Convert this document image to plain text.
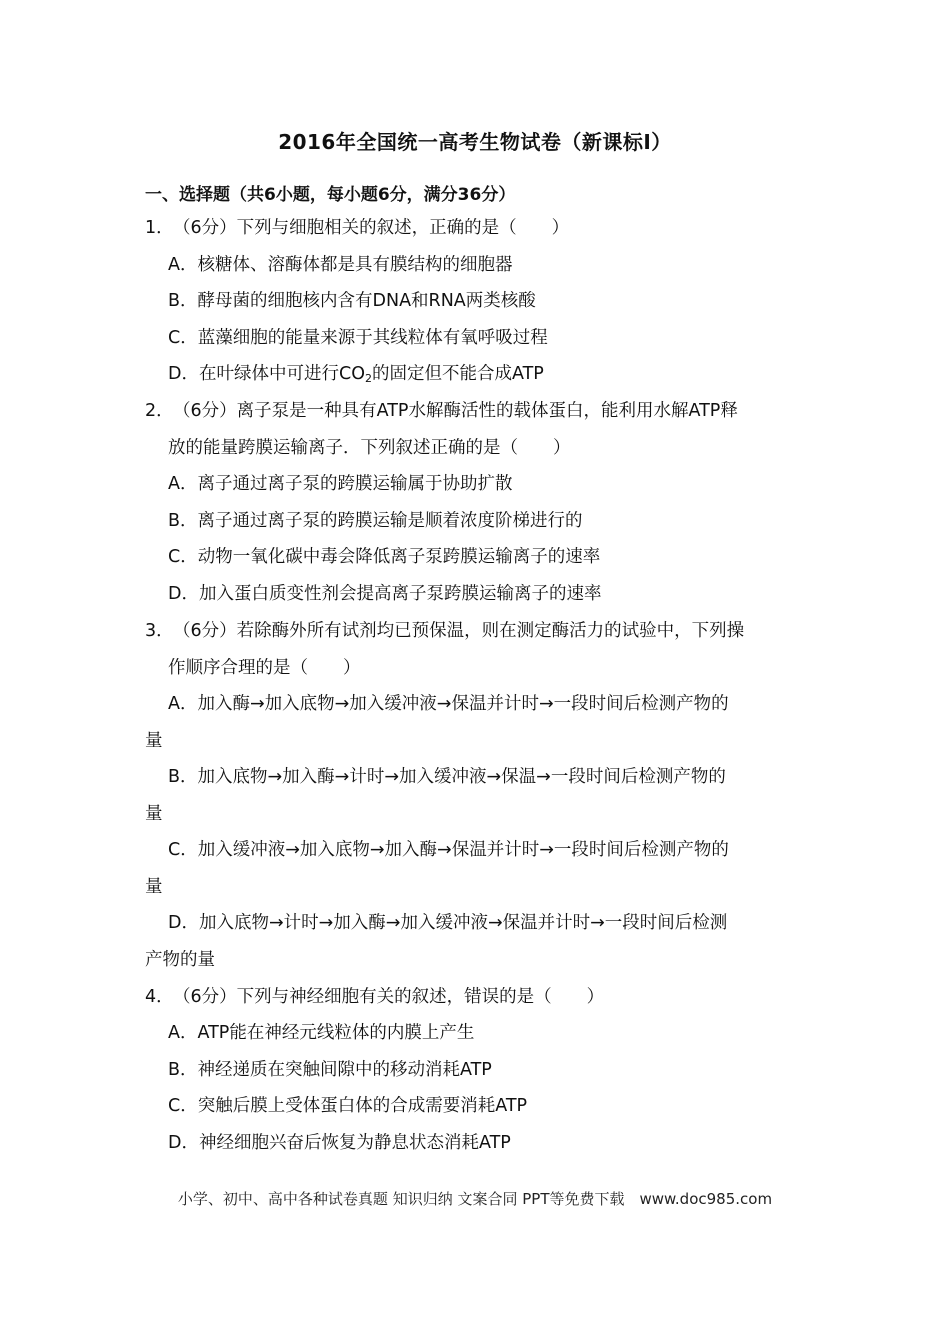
2016年全国统一高考生物试卷（新课标I）
一、选择题（共6小题，每小题6分，满分36分）
1．（6分）下列与细胞相关的叙述，正确的是（　　）
A．核糖体、溶酶体都是具有膜结构的细胞器
B．酵母菌的细胞核内含有DNA和RNA两类核酸
C．蓝藻细胞的能量来源于其线粒体有氧呼吸过程
D．在叶绿体中可进行$CO_2$的固定但不能合成ATP
2．（6分）离子泵是一种具有ATP水解酶活性的载体蛋白，能利用水解ATP释
放的能量跨膜运输离子．下列叙述正确的是（　　）
A．离子通过离子泵的跨膜运输属于协助扩散
B．离子通过离子泵的跨膜运输是顺着浓度阶梯进行的
C．动物一氧化碳中毒会降低离子泵跨膜运输离子的速率
D．加入蛋白质变性剂会提高离子泵跨膜运输离子的速率
3．（6分）若除酶外所有试剂均已预保温，则在测定酶活力的试验中，下列操
作顺序合理的是（　　）
A．加入酶→加入底物→加入缓冲液→保温并计时→一段时间后检测产物的
量
B．加入底物→加入酶→计时→加入缓冲液→保温→一段时间后检测产物的
量
C．加入缓冲液→加入底物→加入酶→保温并计时→一段时间后检测产物的
量
D．加入底物→计时→加入酶→加入缓冲液→保温并计时→一段时间后检测
产物的量
4．（6分）下列与神经细胞有关的叙述，错误的是（　　）
A．ATP能在神经元线粒体的内膜上产生
B．神经递质在突触间隙中的移动消耗ATP
C．突触后膜上受体蛋白体的合成需要消耗ATP
D．神经细胞兴奋后恢复为静息状态消耗ATP
小学、初中、高中各种试卷真题 知识归纳 文案合同 PPT等免费下载　www.doc985.com
